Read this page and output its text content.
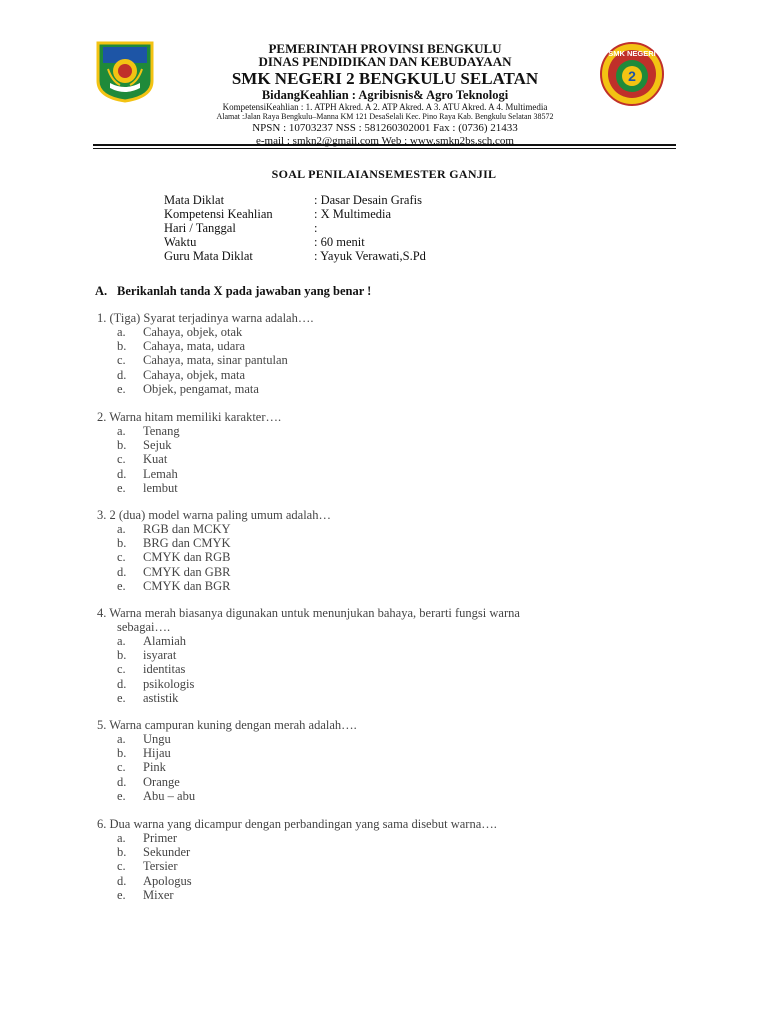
2
SMK NEGERI
PEMERINTAH PROVINSI BENGKULU
DINAS PENDIDIKAN DAN KEBUDAYAAN
SMK NEGERI 2 BENGKULU SELATAN
BidangKeahlian : Agribisnis& Agro Teknologi
KompetensiKeahlian : 1. ATPH Akred. A 2. ATP Akred. A 3. ATU Akred. A 4. Multimedia
Alamat :Jalan Raya Bengkulu–Manna KM 121 DesaSelali Kec. Pino Raya Kab. Bengkulu Selatan 38572
NPSN : 10703237 NSS : 581260302001 Fax : (0736) 21433
e-mail : smkn2@gmail.com Web : www.smkn2bs.sch.com
SOAL PENILAIANSEMESTER GANJIL
Mata Diklat	: Dasar Desain Grafis
Kompetensi Keahlian	: X Multimedia
Hari / Tanggal	:
Waktu	: 60 menit
Guru Mata Diklat	: Yayuk Verawati,S.Pd
A. Berikanlah tanda X pada jawaban yang benar !
1. (Tiga) Syarat terjadinya warna adalah….
a.	Cahaya, objek, otak
b.	Cahaya, mata, udara
c.	Cahaya, mata, sinar pantulan
d.	Cahaya, objek, mata
e.	Objek, pengamat, mata
2. Warna hitam memiliki karakter….
a.	Tenang
b.	Sejuk
c.	Kuat
d.	Lemah
e.	lembut
3. 2 (dua) model warna paling umum adalah…
a.	RGB dan MCKY
b.	BRG dan CMYK
c.	CMYK dan RGB
d.	CMYK dan GBR
e.	CMYK dan BGR
4. Warna merah biasanya digunakan untuk menunjukan bahaya, berarti fungsi warna
sebagai….
a.	Alamiah
b.	isyarat
c.	identitas
d.	psikologis
e.	astistik
5. Warna campuran kuning dengan merah adalah….
a.	Ungu
b.	Hijau
c.	Pink
d.	Orange
e.	Abu – abu
6. Dua warna yang dicampur dengan perbandingan yang sama disebut warna….
a.	Primer
b.	Sekunder
c.	Tersier
d.	Apologus
e.	Mixer
